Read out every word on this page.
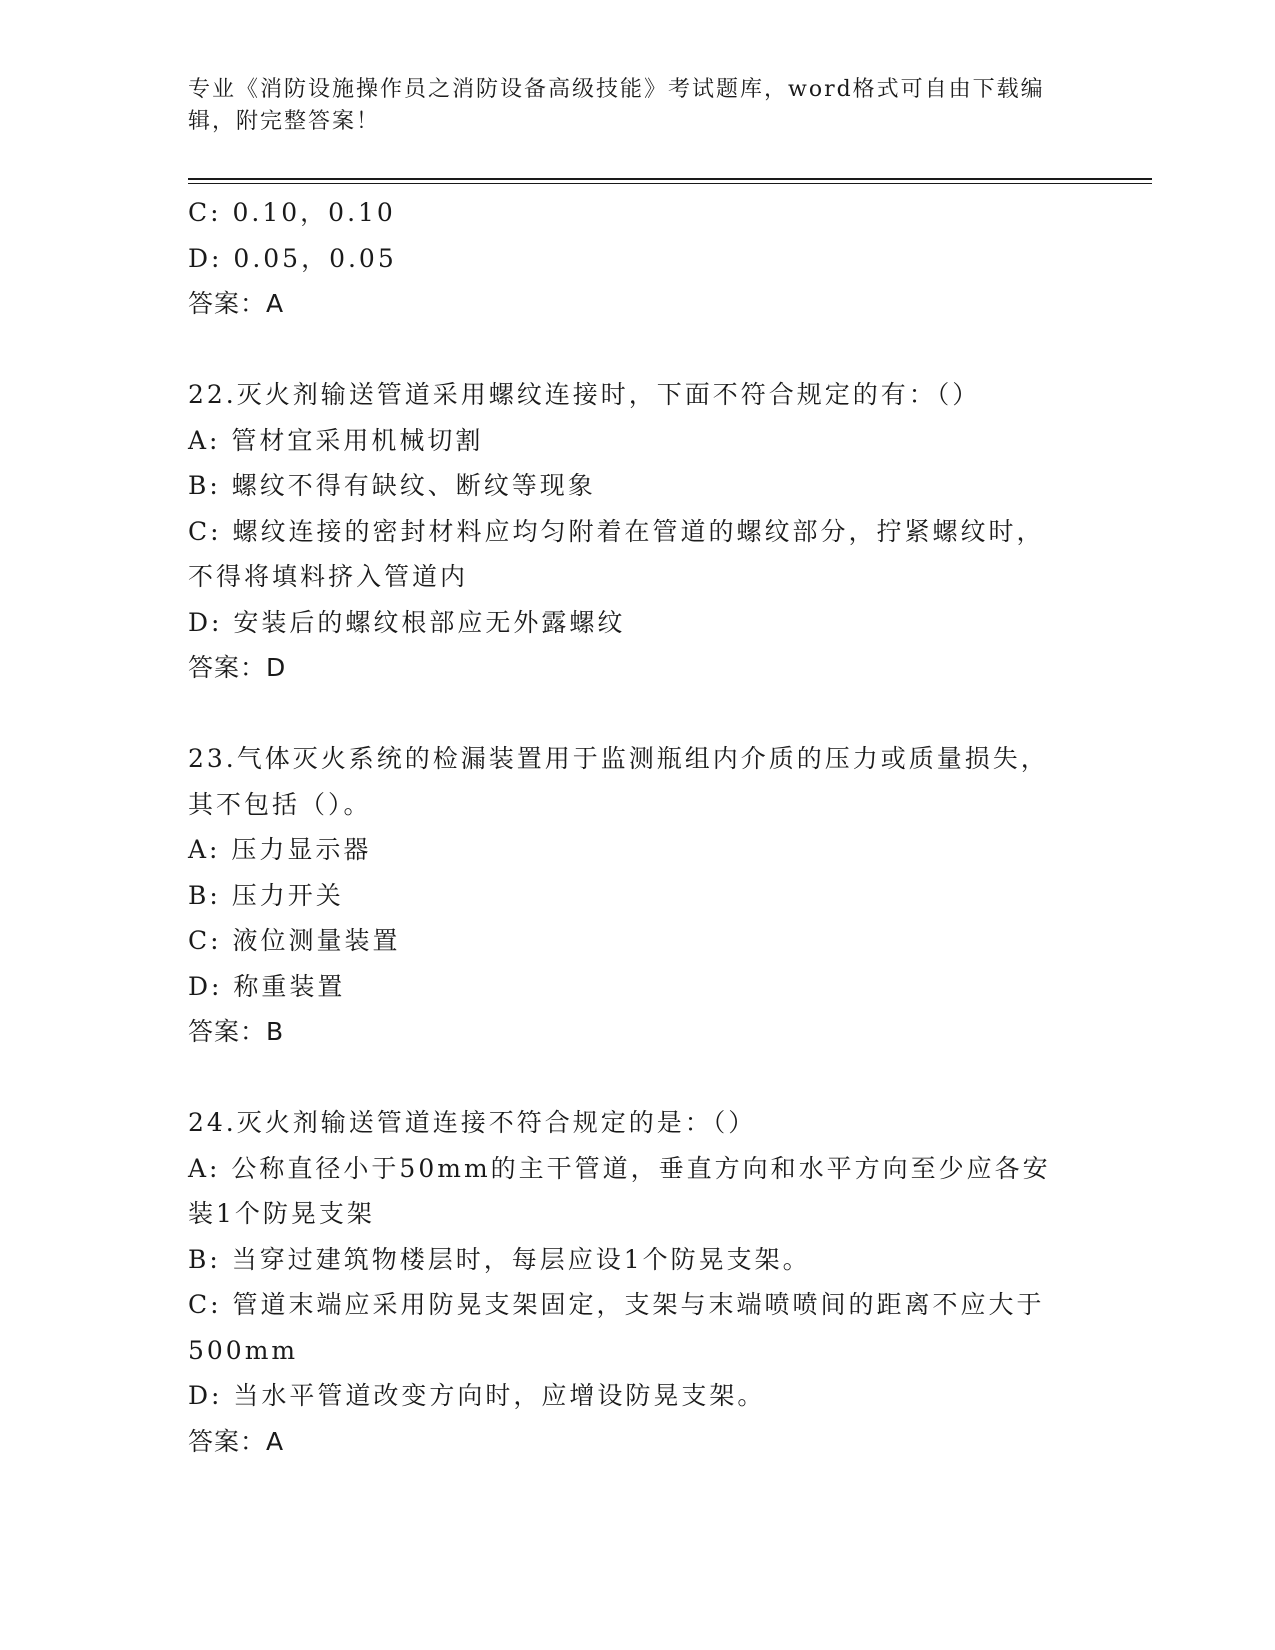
专业《消防设施操作员之消防设备高级技能》考试题库，word格式可自由下载编
辑，附完整答案！
C: 0.10，0.10
D: 0.05，0.05
答案：A
22.灭火剂输送管道采用螺纹连接时，下面不符合规定的有：（）
A: 管材宜采用机械切割
B: 螺纹不得有缺纹、断纹等现象
C: 螺纹连接的密封材料应均匀附着在管道的螺纹部分，拧紧螺纹时，
不得将填料挤入管道内
D: 安装后的螺纹根部应无外露螺纹
答案：D
23.气体灭火系统的检漏装置用于监测瓶组内介质的压力或质量损失，
其不包括（）。
A: 压力显示器
B: 压力开关
C: 液位测量装置
D: 称重装置
答案：B
24.灭火剂输送管道连接不符合规定的是：（）
A: 公称直径小于50mm的主干管道，垂直方向和水平方向至少应各安
装1个防晃支架
B: 当穿过建筑物楼层时，每层应设1个防晃支架。
C: 管道末端应采用防晃支架固定，支架与末端喷喷间的距离不应大于
500mm
D: 当水平管道改变方向时，应增设防晃支架。
答案：A
